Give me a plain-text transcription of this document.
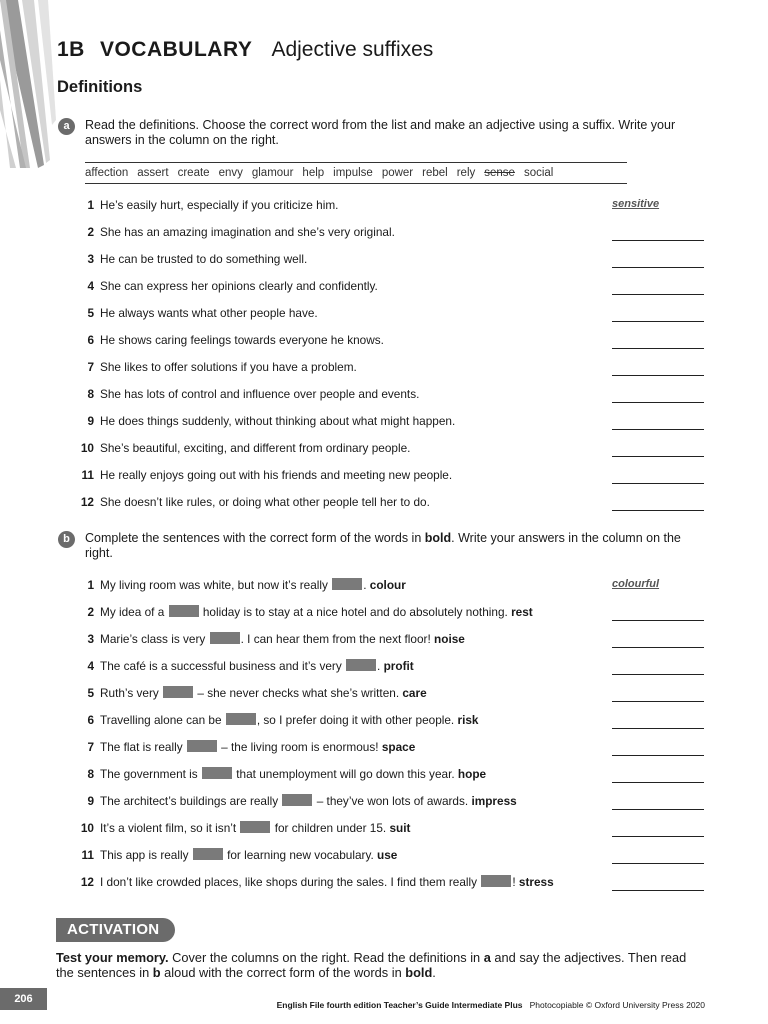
1B VOCABULARY Adjective suffixes
Definitions
a	Read the definitions. Choose the correct word from the list and make an adjective using a suffix. Write your answers in the column on the right.
affection assert create envy glamour help impulse power rebel rely sense social
1 He’s easily hurt, especially if you criticize him.	sensitive
2 She has an amazing imagination and she’s very original.
3 He can be trusted to do something well.
4 She can express her opinions clearly and confidently.
5 He always wants what other people have.
6 He shows caring feelings towards everyone he knows.
7 She likes to offer solutions if you have a problem.
8 She has lots of control and influence over people and events.
9 He does things suddenly, without thinking about what might happen.
10 She’s beautiful, exciting, and different from ordinary people.
11 He really enjoys going out with his friends and meeting new people.
12 She doesn’t like rules, or doing what other people tell her to do.
b	Complete the sentences with the correct form of the words in bold. Write your answers in the column on the right.
1 My living room was white, but now it’s really	. colour	colourful
2 My idea of a	holiday is to stay at a nice hotel and do absolutely nothing. rest
3 Marie’s class is very	. I can hear them from the next floor! noise
4 The café is a successful business and it’s very	. profit
5 Ruth’s very	– she never checks what she’s written. care
6 Travelling alone can be	, so I prefer doing it with other people. risk
7 The flat is really	– the living room is enormous! space
8 The government is	that unemployment will go down this year. hope
9 The architect’s buildings are really	– they’ve won lots of awards. impress
10 It’s a violent film, so it isn’t	for children under 15. suit
11 This app is really	for learning new vocabulary. use
12 I don’t like crowded places, like shops during the sales. I find them really	! stress
ACTIVATION
Test your memory. Cover the columns on the right. Read the definitions in a and say the adjectives. Then read the sentences in b aloud with the correct form of the words in bold.
206	English File fourth edition Teacher’s Guide Intermediate Plus Photocopiable © Oxford University Press 2020
